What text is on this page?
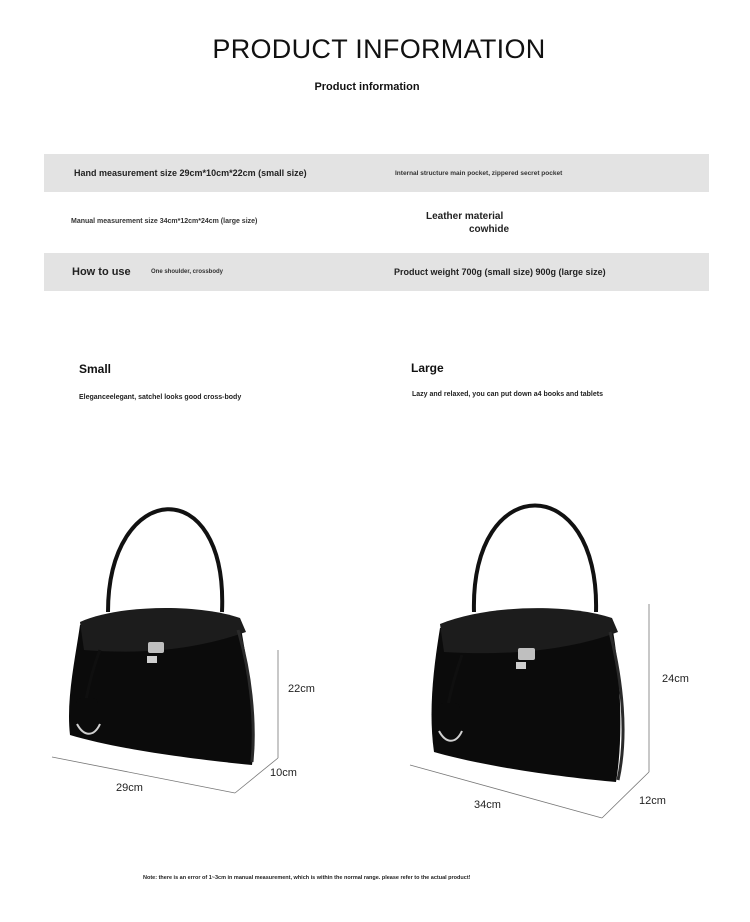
PRODUCT INFORMATION
Product information
Hand measurement size 29cm*10cm*22cm (small size)	Internal structure main pocket, zippered secret pocket
Manual measurement size 34cm*12cm*24cm (large size)	Leather material
cowhide
How to use	One shoulder, crossbody	Product weight 700g (small size) 900g (large size)
Small
Eleganceelegant, satchel looks good cross-body
Large
Lazy and relaxed, you can put down a4 books and tablets
22cm
10cm
29cm
24cm
12cm
34cm
Note: there is an error of 1~3cm in manual measurement, which is within the normal range. please refer to the actual product!
